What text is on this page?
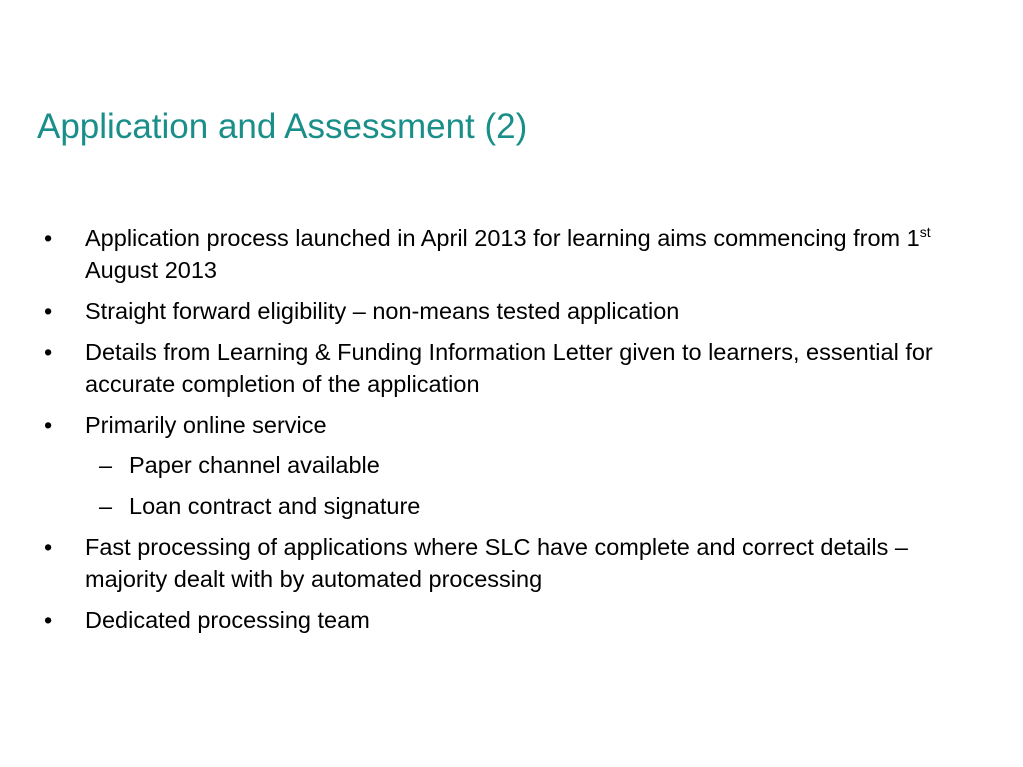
Application and Assessment (2)
•	Application process launched in April 2013 for learning aims commencing from 1st August 2013
•	Straight forward eligibility – non-means tested application
•	Details from Learning & Funding Information Letter given to learners, essential for accurate completion of the application
•	Primarily online service
– Paper channel available
– Loan contract and signature
•	Fast processing of applications where SLC have complete and correct details – majority dealt with by automated processing
•	Dedicated processing team
